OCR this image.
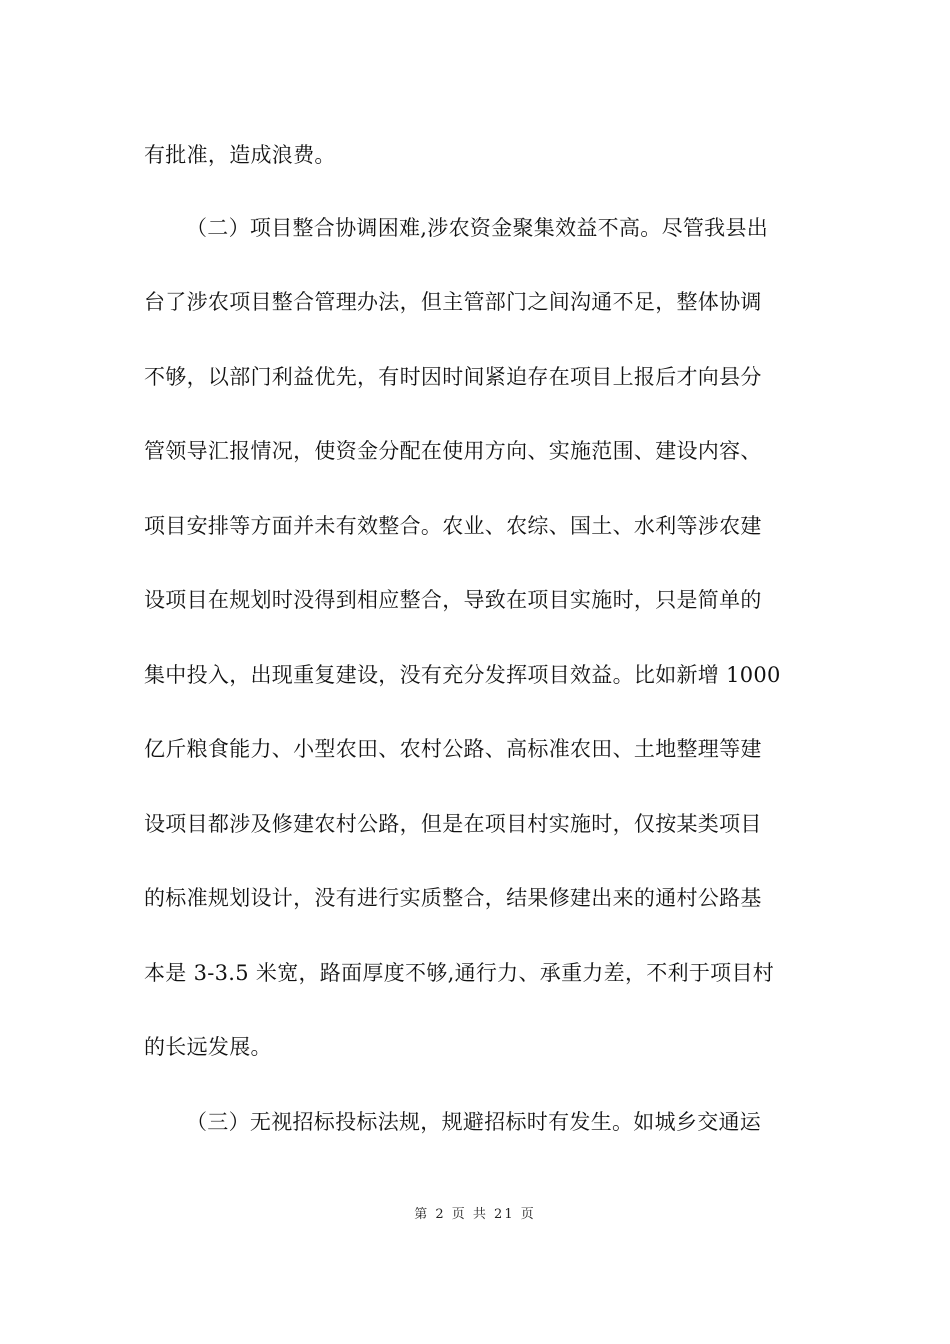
有批准，造成浪费。
（二）项目整合协调困难,涉农资金聚集效益不高。尽管我县出
台了涉农项目整合管理办法，但主管部门之间沟通不足，整体协调
不够，以部门利益优先，有时因时间紧迫存在项目上报后才向县分
管领导汇报情况，使资金分配在使用方向、实施范围、建设内容、
项目安排等方面并未有效整合。农业、农综、国土、水利等涉农建
设项目在规划时没得到相应整合，导致在项目实施时，只是简单的
集中投入，出现重复建设，没有充分发挥项目效益。比如新增 1000
亿斤粮食能力、小型农田、农村公路、高标准农田、土地整理等建
设项目都涉及修建农村公路，但是在项目村实施时，仅按某类项目
的标准规划设计，没有进行实质整合，结果修建出来的通村公路基
本是 3-3.5 米宽，路面厚度不够,通行力、承重力差，不利于项目村
的长远发展。
（三）无视招标投标法规，规避招标时有发生。如城乡交通运
第 2 页 共 21 页
